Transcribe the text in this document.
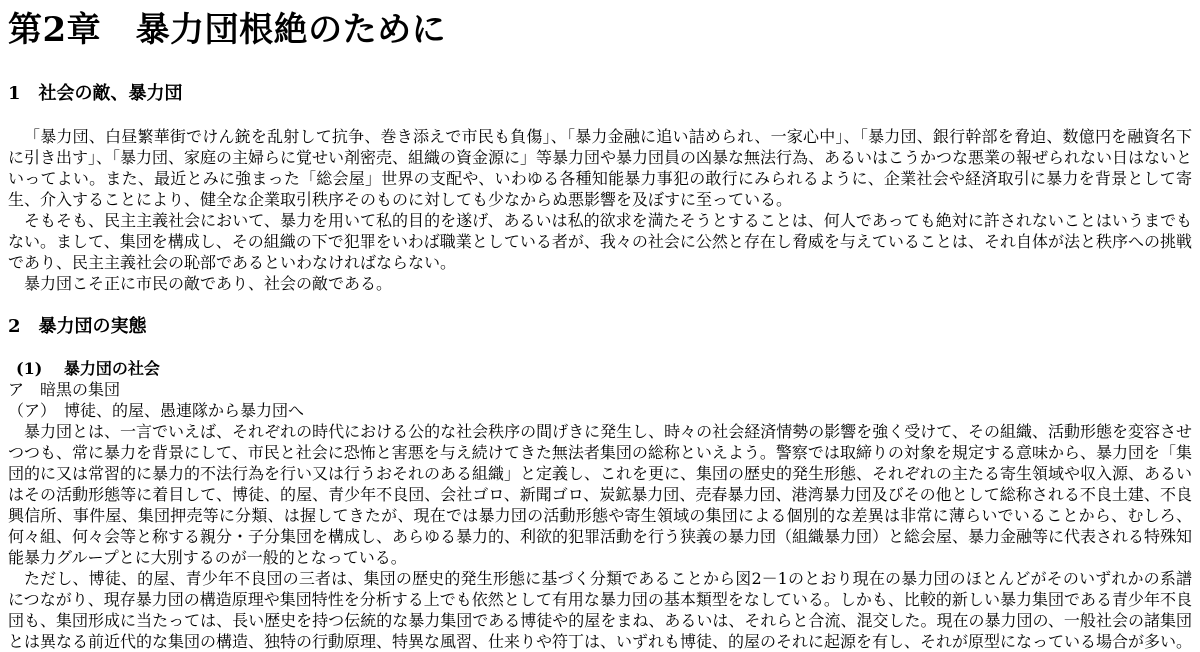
第2章　暴力団根絶のために
1　社会の敵、暴力団

「暴力団、白昼繁華街でけん銃を乱射して抗争、巻き添えで市民も負傷」、「暴力金融に追い詰められ、一家心中」、「暴力団、銀行幹部を脅迫、数億円を融資名下に引き出す」、「暴力団、家庭の主婦らに覚せい剤密売、組織の資金源に」等暴力団や暴力団員の凶暴な無法行為、あるいはこうかつな悪業の報ぜられない日はないといってよい。また、最近とみに強まった「総会屋」世界の支配や、いわゆる各種知能暴力事犯の敢行にみられるように、企業社会や経済取引に暴力を背景として寄生、介入することにより、健全な企業取引秩序そのものに対しても少なからぬ悪影響を及ぼすに至っている。

そもそも、民主主義社会において、暴力を用いて私的目的を遂げ、あるいは私的欲求を満たそうとすることは、何人であっても絶対に許されないことはいうまでもない。まして、集団を構成し、その組織の下で犯罪をいわば職業としている者が、我々の社会に公然と存在し脅威を与えていることは、それ自体が法と秩序への挑戦であり、民主主義社会の恥部であるといわなければならない。

暴力団こそ正に市民の敵であり、社会の敵である。

2　暴力団の実態
(1)　 暴力団の社会
ア　暗黒の集団
（ア）　博徒、的屋、愚連隊から暴力団へ

暴力団とは、一言でいえば、それぞれの時代における公的な社会秩序の間げきに発生し、時々の社会経済情勢の影響を強く受けて、その組織、活動形態を変容させつつも、常に暴力を背景にして、市民と社会に恐怖と害悪を与え続けてきた無法者集団の総称といえよう。警察では取締りの対象を規定する意味から、暴力団を「集団的に又は常習的に暴力的不法行為を行い又は行うおそれのある組織」と定義し、これを更に、集団の歴史的発生形態、それぞれの主たる寄生領域や収入源、あるいはその活動形態等に着目して、博徒、的屋、青少年不良団、会社ゴロ、新聞ゴロ、炭鉱暴力団、売春暴力団、港湾暴力団及びその他として総称される不良土建、不良興信所、事件屋、集団押売等に分類、は握してきたが、現在では暴力団の活動形態や寄生領域の集団による個別的な差異は非常に薄らいでいることから、むしろ、何々組、何々会等と称する親分・子分集団を構成し、あらゆる暴力的、利欲的犯罪活動を行う狭義の暴力団（組織暴力団）と総会屋、暴力金融等に代表される特殊知能暴力グループとに大別するのが一般的となっている。

ただし、博徒、的屋、青少年不良団の三者は、集団の歴史的発生形態に基づく分類であることから図2－1のとおり現在の暴力団のほとんどがそのいずれかの系譜につながり、現存暴力団の構造原理や集団特性を分析する上でも依然として有用な暴力団の基本類型をなしている。しかも、比較的新しい暴力集団である青少年不良団も、集団形成に当たっては、長い歴史を持つ伝統的な暴力集団である博徒や的屋をまね、あるいは、それらと合流、混交した。現在の暴力団の、一般社会の諸集団とは異なる前近代的な集団の構造、独特の行動原理、特異な風習、仕来りや符丁は、いずれも博徒、的屋のそれに起源を有し、それが原型になっている場合が多い。
